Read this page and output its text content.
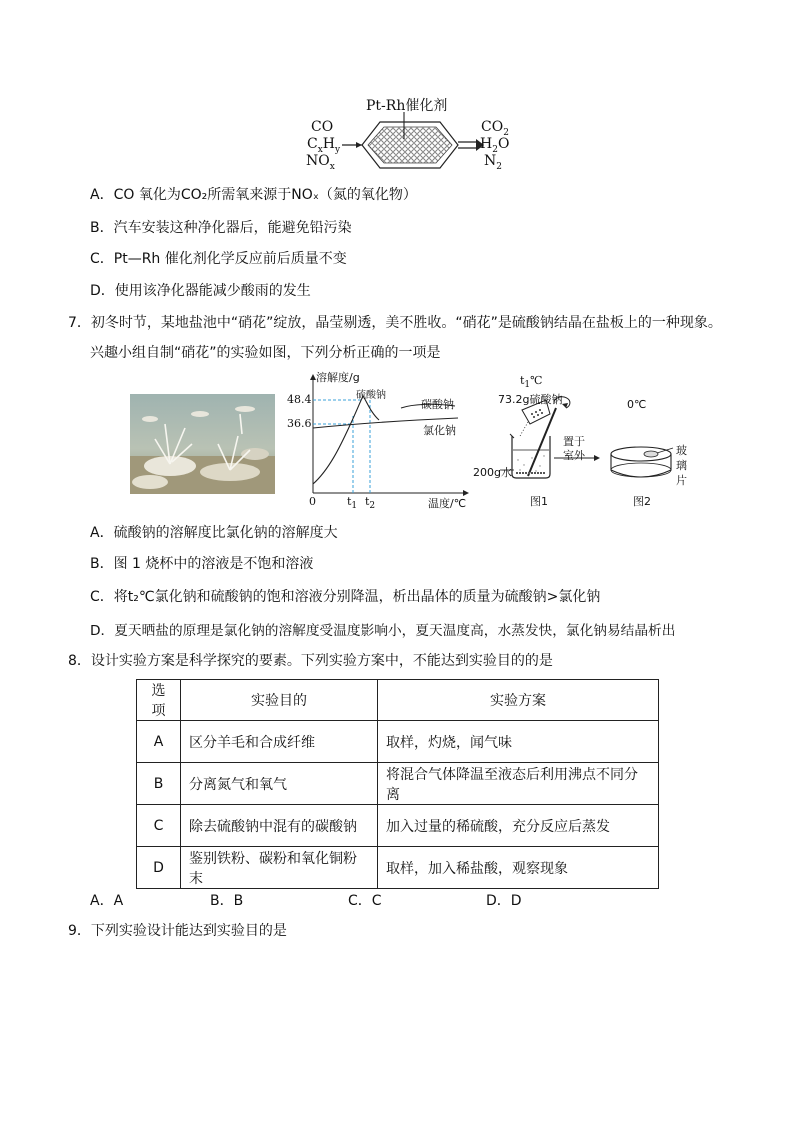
Pt-Rh催化剂
CO
$C_xH_y$
$NO_x$
$CO_2$
$H_2O$
$N_2$
A．CO 氧化为CO₂所需氧来源于NOₓ（氮的氧化物）
B．汽车安装这种净化器后，能避免铅污染
C．Pt—Rh 催化剂化学反应前后质量不变
D．使用该净化器能减少酸雨的发生
7．初冬时节，某地盐池中“硝花”绽放，晶莹剔透，美不胜收。“硝花”是硫酸钠结晶在盐板上的一种现象。
兴趣小组自制“硝花”的实验如图，下列分析正确的一项是
溶解度/g
48.4
36.6
硫酸钠
碳酸钠
氯化钠
0	$t_1$ $t_2$	温度/℃
$t_1℃$
73.2g硫酸钠
置于
室外
200g水
图1
0℃
玻
璃
片
图2
A．硫酸钠的溶解度比氯化钠的溶解度大
B．图 1 烧杯中的溶液是不饱和溶液
C．将t₂℃氯化钠和硫酸钠的饱和溶液分别降温，析出晶体的质量为硫酸钠>氯化钠
D．夏天晒盐的原理是氯化钠的溶解度受温度影响小，夏天温度高，水蒸发快，氯化钠易结晶析出
8．设计实验方案是科学探究的要素。下列实验方案中，不能达到实验目的的是
选项	实验目的	实验方案
A	区分羊毛和合成纤维	取样，灼烧，闻气味
B	分离氮气和氧气	将混合气体降温至液态后利用沸点不同分离
C	除去硫酸钠中混有的碳酸钠	加入过量的稀硫酸，充分反应后蒸发
D	鉴别铁粉、碳粉和氧化铜粉末	取样，加入稀盐酸，观察现象
A．A	B．B	C．C	D．D
9．下列实验设计能达到实验目的是
